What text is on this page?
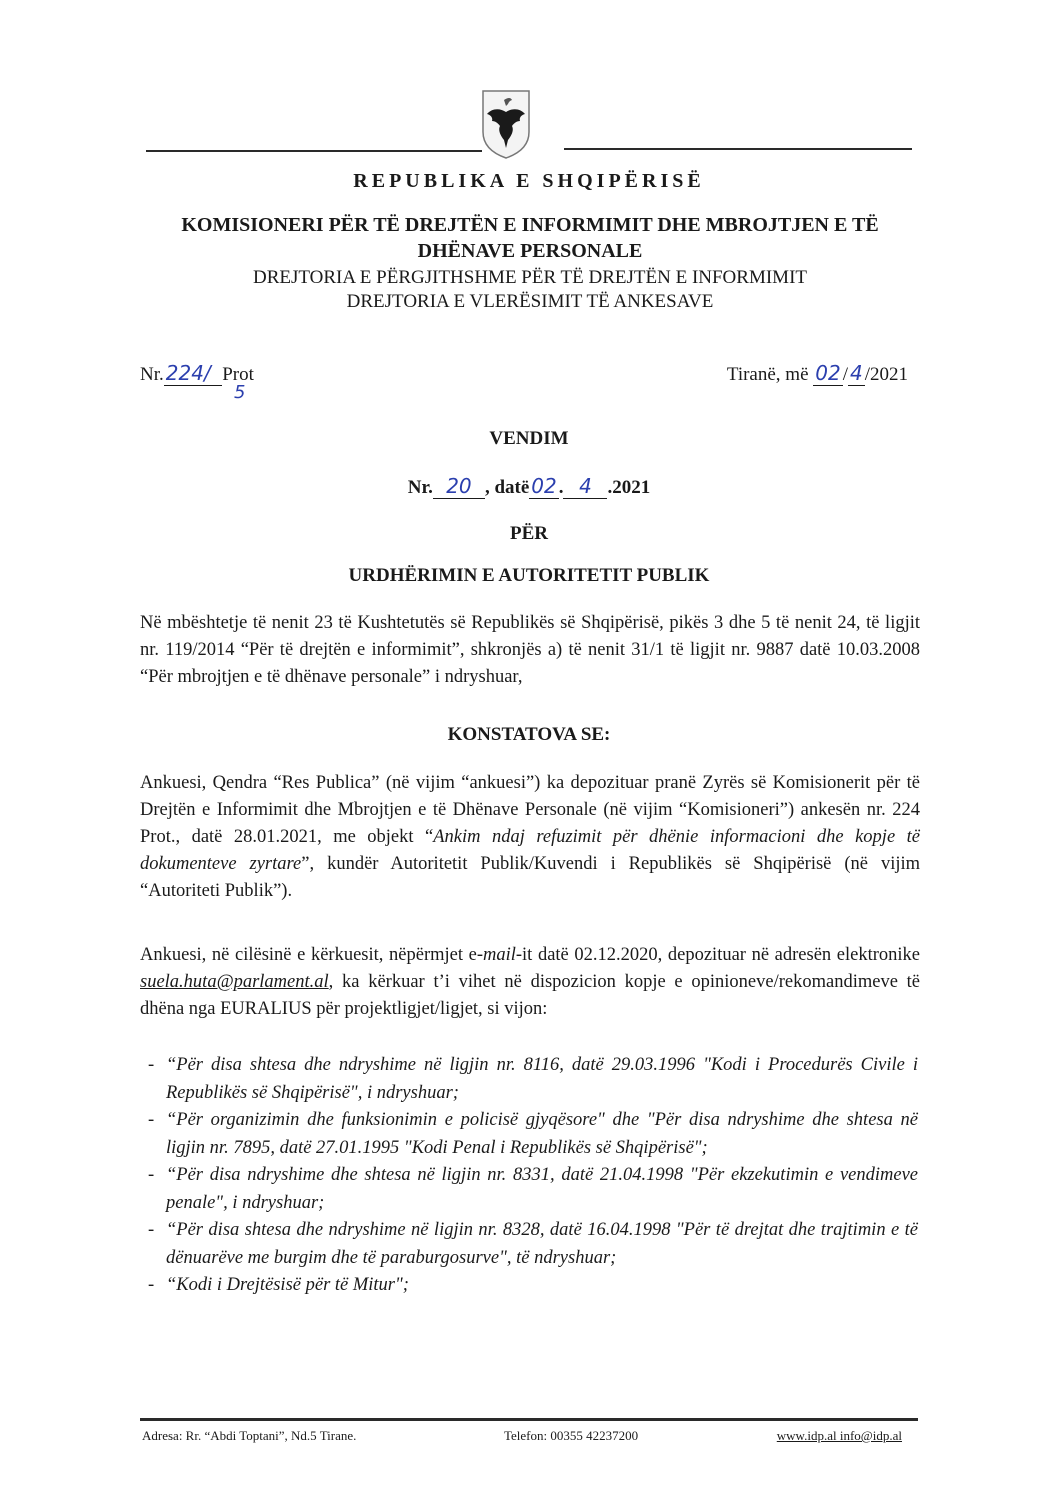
REPUBLIKA E SHQIPËRISË
KOMISIONERI PËR TË DREJTËN E INFORMIMIT DHE MBROJTJEN E TË
DHËNAVE PERSONALE
DREJTORIA E PËRGJITHSHME PËR TË DREJTËN E INFORMIMIT
DREJTORIA E VLERËSIMIT TË ANKESAVE
Nr. 224/ Prot
5
Tiranë, më 02 / 4 /2021
VENDIM
Nr. 20 , datë 02 . 4 .2021
PËR
URDHËRIMIN E AUTORITETIT PUBLIK
Në mbështetje të nenit 23 të Kushtetutës së Republikës së Shqipërisë, pikës 3 dhe 5 të nenit 24, të ligjit nr. 119/2014 “Për të drejtën e informimit”, shkronjës a) të nenit 31/1 të ligjit nr. 9887 datë 10.03.2008 “Për mbrojtjen e të dhënave personale” i ndryshuar,
KONSTATOVA SE:
Ankuesi, Qendra “Res Publica” (në vijim “ankuesi”) ka depozituar pranë Zyrës së Komisionerit për të Drejtën e Informimit dhe Mbrojtjen e të Dhënave Personale (në vijim “Komisioneri”) ankesën nr. 224 Prot., datë 28.01.2021, me objekt “Ankim ndaj refuzimit për dhënie informacioni dhe kopje të dokumenteve zyrtare”, kundër Autoritetit Publik/Kuvendi i Republikës së Shqipërisë (në vijim “Autoriteti Publik”).
Ankuesi, në cilësinë e kërkuesit, nëpërmjet e-mail-it datë 02.12.2020, depozituar në adresën elektronike suela.huta@parlament.al, ka kërkuar t’i vihet në dispozicion kopje e opinioneve/rekomandimeve të dhëna nga EURALIUS për projektligjet/ligjet, si vijon:
- “Për disa shtesa dhe ndryshime në ligjin nr. 8116, datë 29.03.1996 "Kodi i Procedurës Civile i Republikës së Shqipërisë", i ndryshuar;
- “Për organizimin dhe funksionimin e policisë gjyqësore" dhe "Për disa ndryshime dhe shtesa në ligjin nr. 7895, datë 27.01.1995 "Kodi Penal i Republikës së Shqipërisë";
- “Për disa ndryshime dhe shtesa në ligjin nr. 8331, datë 21.04.1998 "Për ekzekutimin e vendimeve penale", i ndryshuar;
- “Për disa shtesa dhe ndryshime në ligjin nr. 8328, datë 16.04.1998 "Për të drejtat dhe trajtimin e të dënuarëve me burgim dhe të paraburgosurve", të ndryshuar;
- “Kodi i Drejtësisë për të Mitur";
Adresa: Rr. “Abdi Toptani”, Nd.5 Tirane.	Telefon: 00355 42237200	www.idp.al info@idp.al
